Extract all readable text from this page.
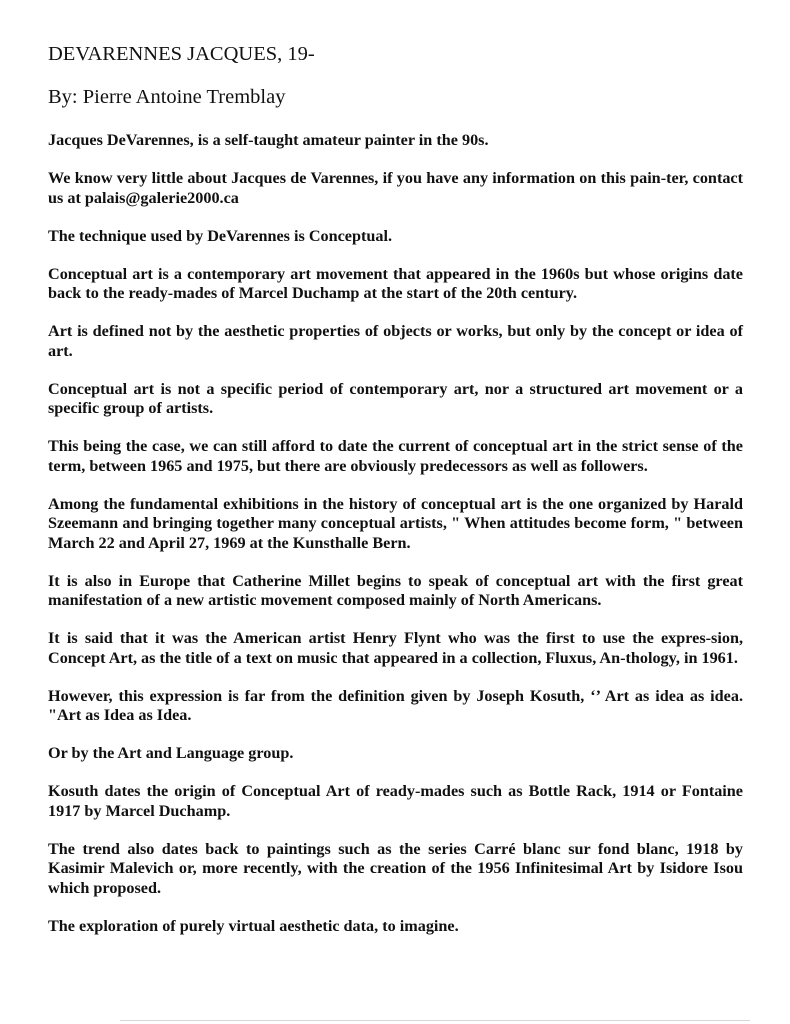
DEVARENNES JACQUES, 19-
By: Pierre Antoine Tremblay

Jacques DeVarennes, is a self-taught amateur painter in the 90s.

We know very little about Jacques de Varennes, if you have any information on this pain-ter, contact us at palais@galerie2000.ca

The technique used by DeVarennes is Conceptual.

Conceptual art is a contemporary art movement that appeared in the 1960s but whose origins date back to the ready-mades of Marcel Duchamp at the start of the 20th century.

Art is defined not by the aesthetic properties of objects or works, but only by the concept or idea of art.

Conceptual art is not a specific period of contemporary art, nor a structured art movement or a specific group of artists.

This being the case, we can still afford to date the current of conceptual art in the strict sense of the term, between 1965 and 1975, but there are obviously predecessors as well as followers.

Among the fundamental exhibitions in the history of conceptual art is the one organized by Harald Szeemann and bringing together many conceptual artists, " When attitudes become form, " between March 22 and April 27, 1969 at the Kunsthalle Bern.

It is also in Europe that Catherine Millet begins to speak of conceptual art with the first great manifestation of a new artistic movement composed mainly of North Americans.

It is said that it was the American artist Henry Flynt who was the first to use the expres-sion, Concept Art, as the title of a text on music that appeared in a collection, Fluxus, An-thology, in 1961.

However, this expression is far from the definition given by Joseph Kosuth, ‘’ Art as idea as idea. "Art as Idea as Idea.

Or by the Art and Language group.

Kosuth dates the origin of Conceptual Art of ready-mades such as Bottle Rack, 1914 or Fontaine 1917 by Marcel Duchamp.

The trend also dates back to paintings such as the series Carré blanc sur fond blanc, 1918 by Kasimir Malevich or, more recently, with the creation of the 1956 Infinitesimal Art by Isidore Isou which proposed.

The exploration of purely virtual aesthetic data, to imagine.
